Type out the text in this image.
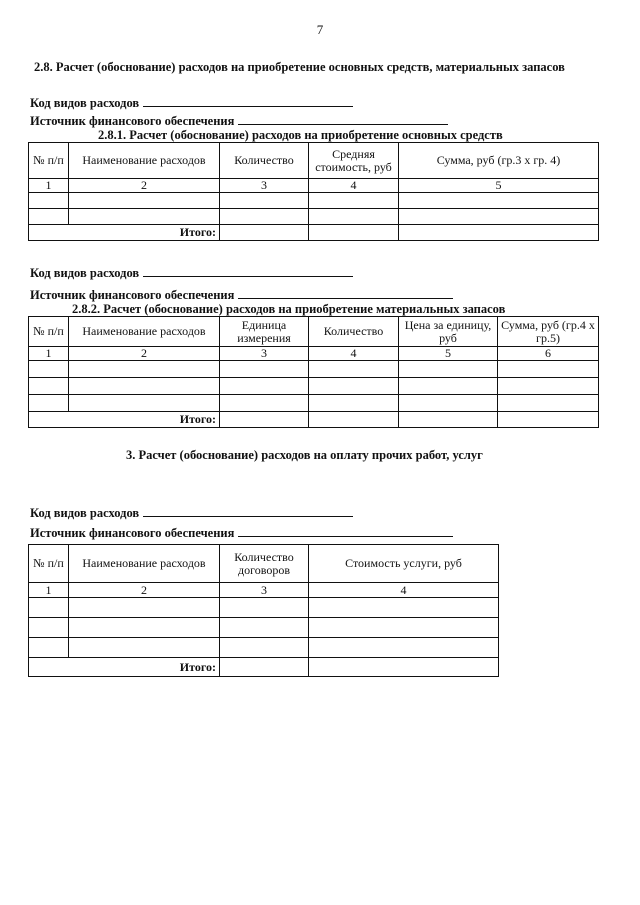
7
2.8. Расчет (обоснование) расходов на приобретение основных средств, материальных запасов
Код видов расходов
Источник финансового обеспечения
2.8.1. Расчет (обоснование) расходов на приобретение основных средств
№ п/п	Наименование расходов	Количество	Средняя стоимость, руб	Сумма, руб (гр.3 х гр. 4)
1	2	3	4	5

Итого:				
Код видов расходов
Источник финансового обеспечения
2.8.2. Расчет (обоснование) расходов на приобретение материальных запасов
№ п/п	Наименование расходов	Единица измерения	Количество	Цена за единицу, руб	Сумма, руб (гр.4 х гр.5)
1	2	3	4	5	6

Итого:					
3. Расчет (обоснование) расходов на оплату прочих работ, услуг
Код видов расходов
Источник финансового обеспечения
№ п/п	Наименование расходов	Количество договоров	Стоимость услуги, руб
1	2	3	4

Итого:			
